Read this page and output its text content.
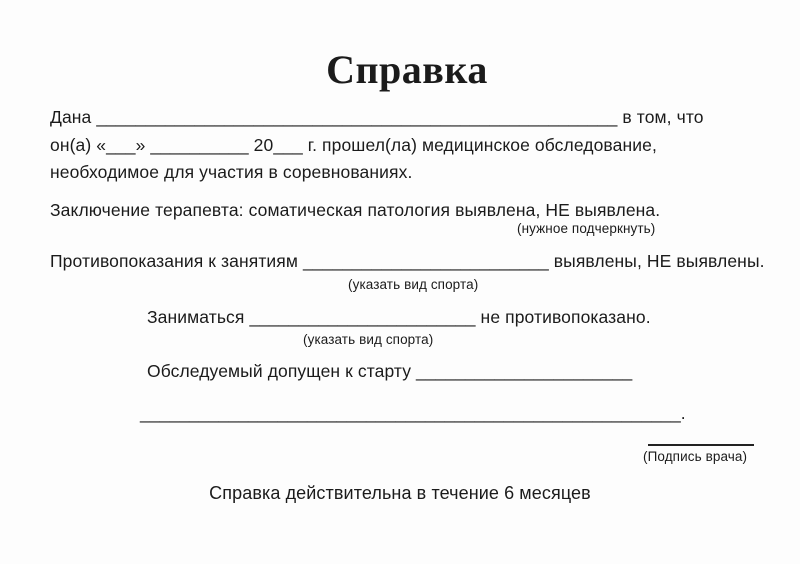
Справка
Дана _____________________________________________________ в том, что
он(а) «___» __________ 20___ г. прошел(ла) медицинское обследование,
необходимое для участия в соревнованиях.
Заключение терапевта: соматическая патология выявлена, НЕ выявлена.
(нужное подчеркнуть)
Противопоказания к занятиям _________________________ выявлены, НЕ выявлены.
(указать вид спорта)
Заниматься _______________________ не противопоказано.
(указать вид спорта)
Обследуемый допущен к старту ______________________
_______________________________________________________.
(Подпись врача)
Справка действительна в течение 6 месяцев
